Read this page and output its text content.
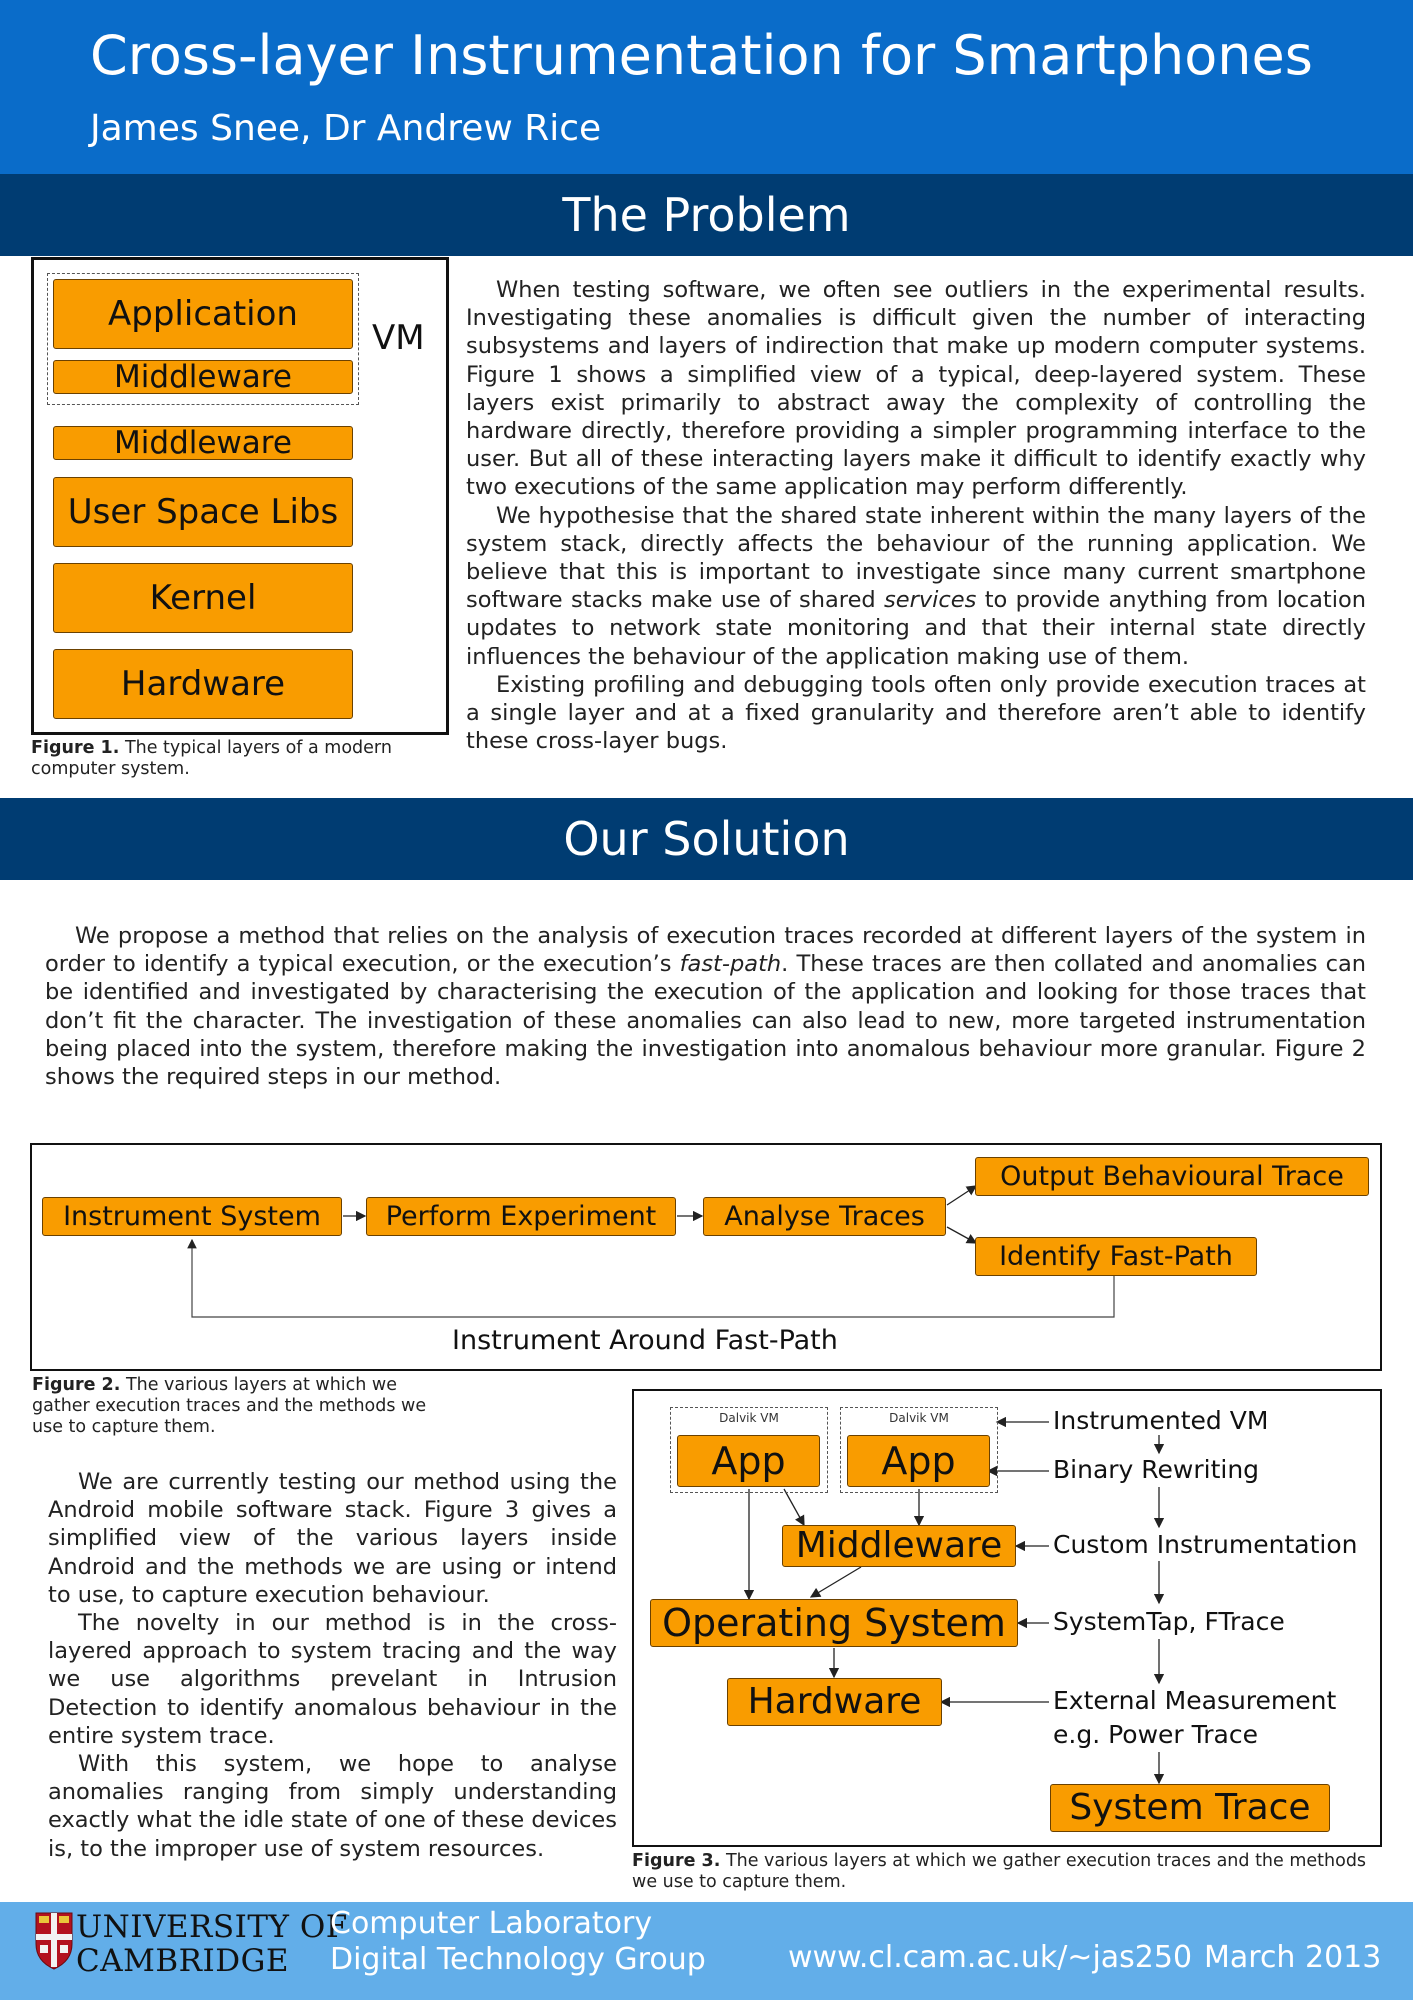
Cross-layer Instrumentation for Smartphones
James Snee, Dr Andrew Rice
The Problem
Application
Middleware
VM
Middleware
User Space Libs
Kernel
Hardware
Figure 1. The typical layers of a modern computer system.

When testing software, we often see outliers in the experimental results. Investigating these anomalies is difficult given the number of interacting subsystems and layers of indirection that make up modern computer systems. Figure 1 shows a simplified view of a typical, deep-layered system. These layers exist primarily to abstract away the complexity of controlling the hardware directly, therefore providing a simpler programming interface to the user. But all of these interacting layers make it difficult to identify exactly why two executions of the same application may perform differently.

We hypothesise that the shared state inherent within the many layers of the system stack, directly affects the behaviour of the running application. We believe that this is important to investigate since many current smartphone software stacks make use of shared services to provide anything from location updates to network state monitoring and that their internal state directly influences the behaviour of the application making use of them.

Existing profiling and debugging tools often only provide execution traces at a single layer and at a fixed granularity and therefore aren’t able to identify these cross-layer bugs.

Our Solution

We propose a method that relies on the analysis of execution traces recorded at different layers of the system in order to identify a typical execution, or the execution’s fast-path. These traces are then collated and anomalies can be identified and investigated by characterising the execution of the application and looking for those traces that don’t fit the character. The investigation of these anomalies can also lead to new, more targeted instrumentation being placed into the system, therefore making the investigation into anomalous behaviour more granular. Figure 2 shows the required steps in our method.

Instrument System	Perform Experiment	Analyse Traces
Output Behavioural Trace
Identify Fast-Path
Instrument Around Fast-Path
Figure 2. The various layers at which we gather execution traces and the methods we use to capture them.

We are currently testing our method using the Android mobile software stack. Figure 3 gives a simplified view of the various layers inside Android and the methods we are using or intend to use, to capture execution behaviour.

The novelty in our method is in the cross-layered approach to system tracing and the way we use algorithms prevelant in Intrusion Detection to identify anomalous behaviour in the entire system trace.

With this system, we hope to analyse anomalies ranging from simply understanding exactly what the idle state of one of these devices is, to the improper use of system resources.

Dalvik VM	Dalvik VM
App	App
Middleware
Operating System
Hardware
System Trace
Instrumented VM
Binary Rewriting
Custom Instrumentation
SystemTap, FTrace
External Measurement
e.g. Power Trace
Figure 3. The various layers at which we gather execution traces and the methods we use to capture them.
UNIVERSITY OF
CAMBRIDGE
Computer Laboratory
Digital Technology Group	www.cl.cam.ac.uk/~jas250 March 2013
